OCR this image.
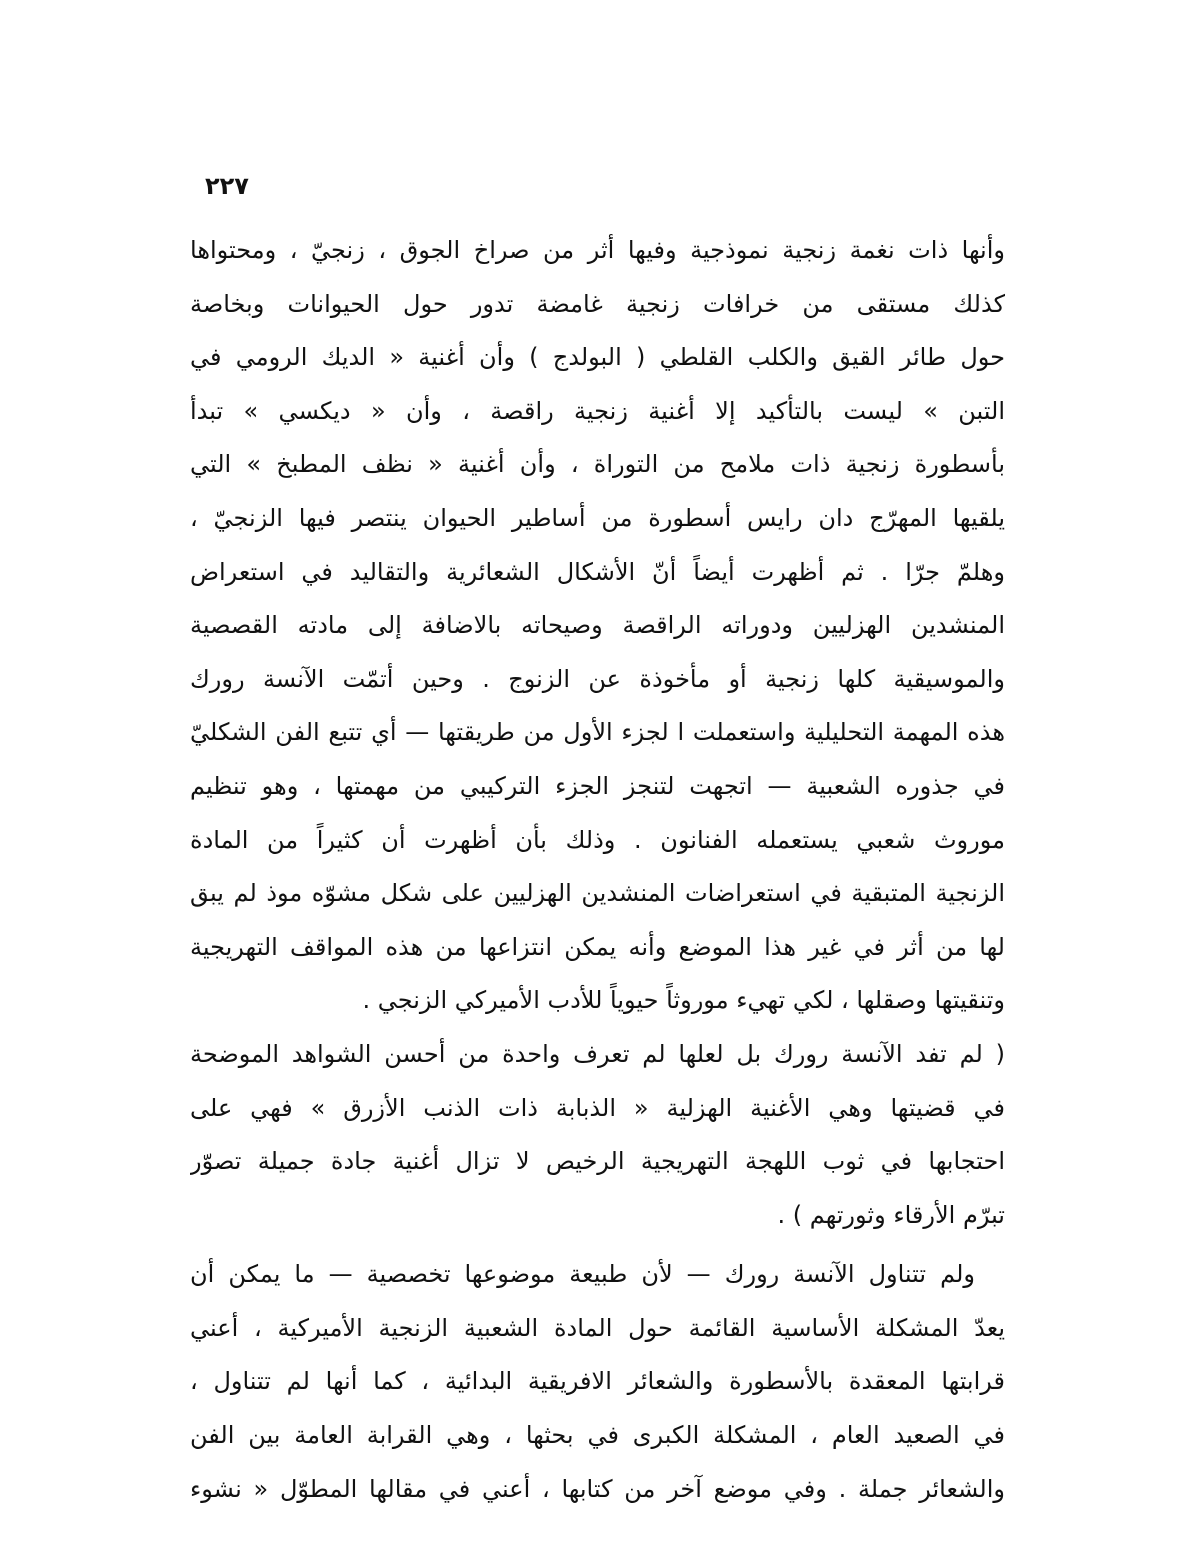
٢٢٧
وأنها ذات نغمة زنجية نموذجية وفيها أثر من صراخ الجوق ، زنجيّ ، ومحتواها
كذلك مستقى من خرافات زنجية غامضة تدور حول الحيوانات وبخاصة
حول طائر القيق والكلب القلطي ( البولدج ) وأن أغنية « الديك الرومي في
التبن » ليست بالتأكيد إلا أغنية زنجية راقصة ، وأن « ديكسي » تبدأ
بأسطورة زنجية ذات ملامح من التوراة ، وأن أغنية « نظف المطبخ » التي
يلقيها المهرّج دان رايس أسطورة من أساطير الحيوان ينتصر فيها الزنجيّ ،
وهلمّ جرّا . ثم أظهرت أيضاً أنّ الأشكال الشعائرية والتقاليد في استعراض
المنشدين الهزليين ودوراته الراقصة وصيحاته بالاضافة إلى مادته القصصية
والموسيقية كلها زنجية أو مأخوذة عن الزنوج . وحين أتمّت الآنسة رورك
هذه المهمة التحليلية واستعملت ا لجزء الأول من طريقتها — أي تتبع الفن الشكليّ
في جذوره الشعبية — اتجهت لتنجز الجزء التركيبي من مهمتها ، وهو تنظيم
موروث شعبي يستعمله الفنانون . وذلك بأن أظهرت أن كثيراً من المادة
الزنجية المتبقية في استعراضات المنشدين الهزليين على شكل مشوّه موذ لم يبق
لها من أثر في غير هذا الموضع وأنه يمكن انتزاعها من هذه المواقف التهريجية
وتنقيتها وصقلها ، لكي تهيء موروثاً حيوياً للأدب الأميركي الزنجي .
( لم تفد الآنسة رورك بل لعلها لم تعرف واحدة من أحسن الشواهد الموضحة
في قضيتها وهي الأغنية الهزلية « الذبابة ذات الذنب الأزرق » فهي على
احتجابها في ثوب اللهجة التهريجية الرخيص لا تزال أغنية جادة جميلة تصوّر
تبرّم الأرقاء وثورتهم ) .
ولم تتناول الآنسة رورك — لأن طبيعة موضوعها تخصصية — ما يمكن أن
يعدّ المشكلة الأساسية القائمة حول المادة الشعبية الزنجية الأميركية ، أعني
قرابتها المعقدة بالأسطورة والشعائر الافريقية البدائية ، كما أنها لم تتناول ،
في الصعيد العام ، المشكلة الكبرى في بحثها ، وهي القرابة العامة بين الفن
والشعائر جملة . وفي موضع آخر من كتابها ، أعني في مقالها المطوّل « نشوء
